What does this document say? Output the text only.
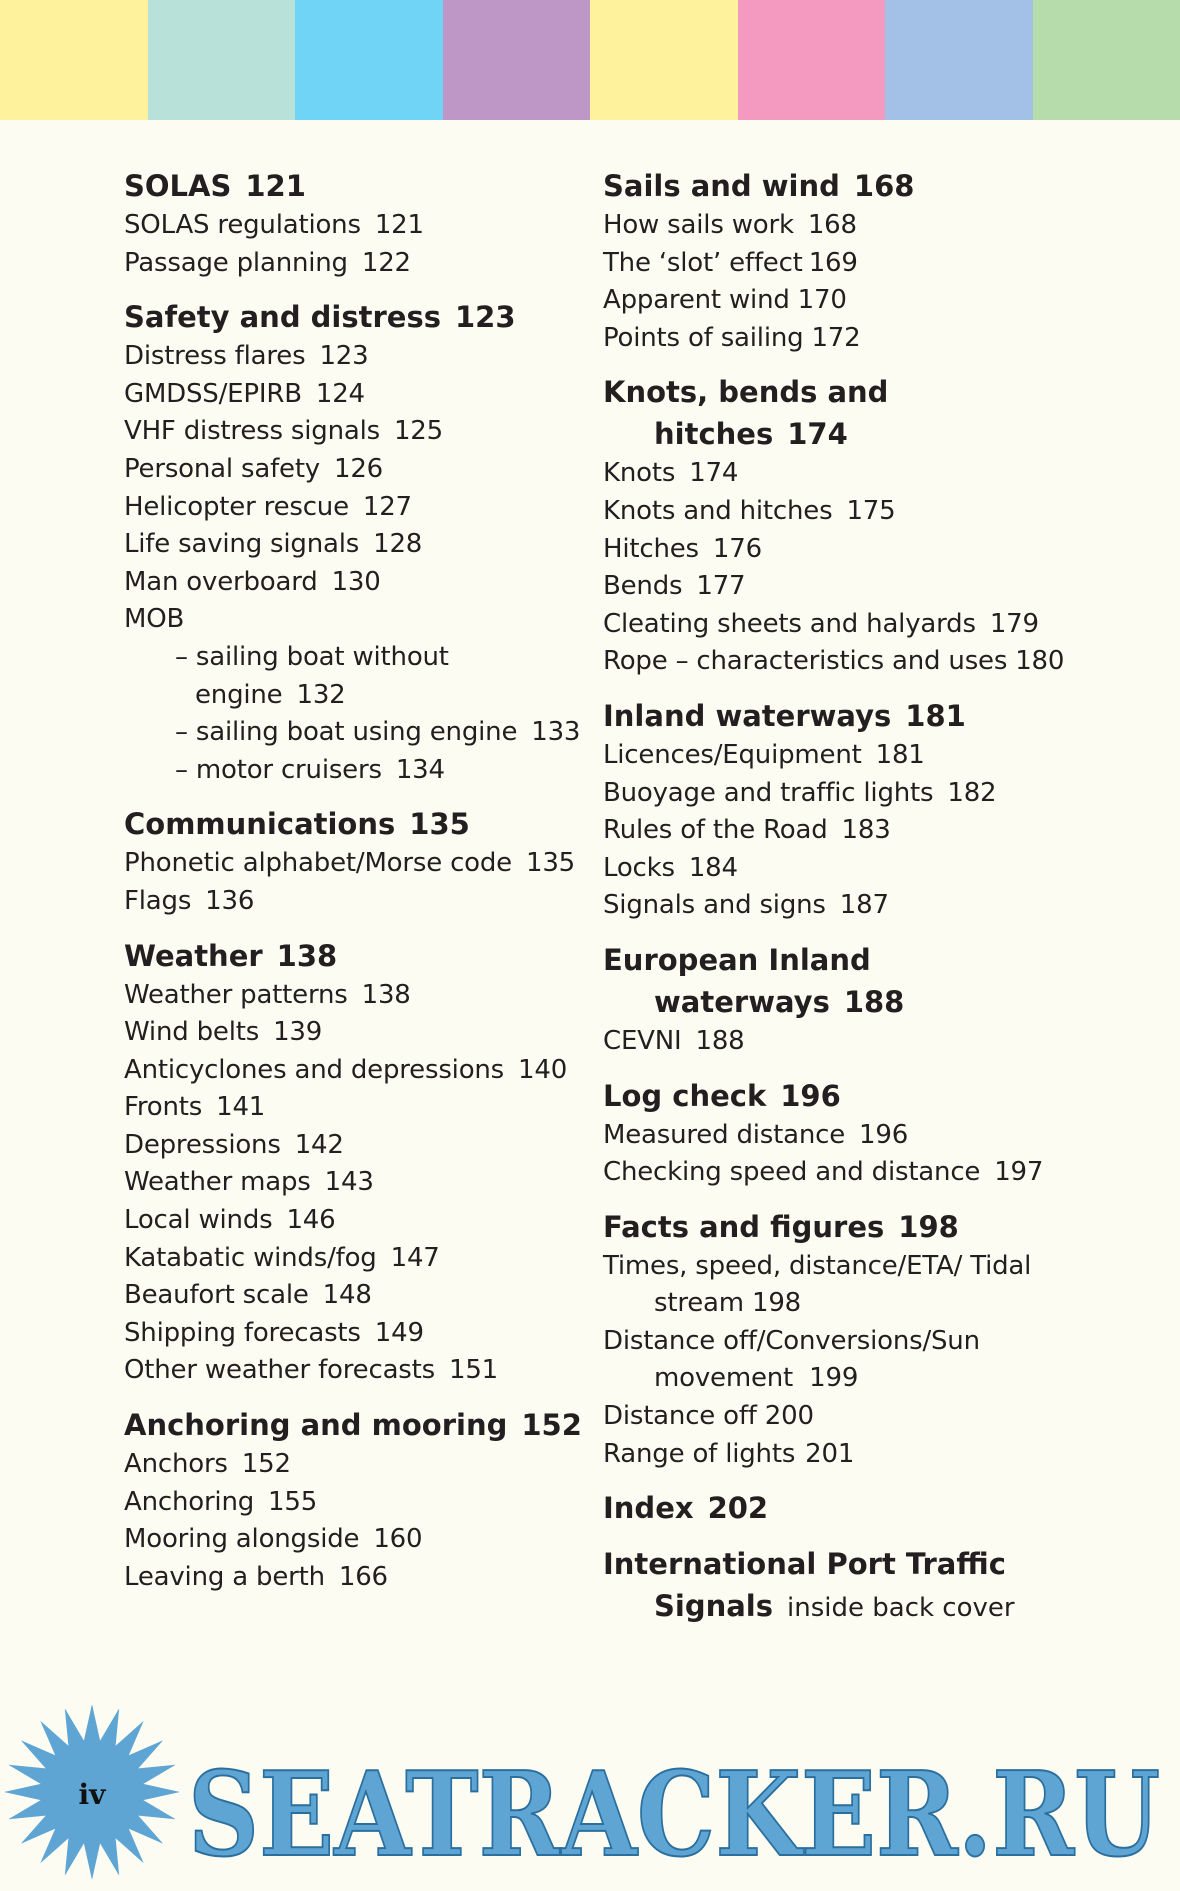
SOLAS 121
SOLAS regulations 121
Passage planning 122
Safety and distress 123
Distress flares 123
GMDSS/EPIRB 124
VHF distress signals 125
Personal safety 126
Helicopter rescue 127
Life saving signals 128
Man overboard 130
MOB
– sailing boat without
engine 132
– sailing boat using engine 133
– motor cruisers 134
Communications 135
Phonetic alphabet/Morse code 135
Flags 136
Weather 138
Weather patterns 138
Wind belts 139
Anticyclones and depressions 140
Fronts 141
Depressions 142
Weather maps 143
Local winds 146
Katabatic winds/fog 147
Beaufort scale 148
Shipping forecasts 149
Other weather forecasts 151
Anchoring and mooring 152
Anchors 152
Anchoring 155
Mooring alongside 160
Leaving a berth 166
Sails and wind 168
How sails work 168
The ‘slot’ effect 169
Apparent wind 170
Points of sailing 172
Knots, bends and
hitches 174
Knots 174
Knots and hitches 175
Hitches 176
Bends 177
Cleating sheets and halyards 179
Rope – characteristics and uses 180
Inland waterways 181
Licences/Equipment 181
Buoyage and traffic lights 182
Rules of the Road 183
Locks 184
Signals and signs 187
European Inland
waterways 188
CEVNI 188
Log check 196
Measured distance 196
Checking speed and distance 197
Facts and figures 198
Times, speed, distance/ETA/ Tidal
stream 198
Distance off/Conversions/Sun
movement  199
Distance off 200
Range of lights 201
Index 202
International Port Traffic
Signals inside back cover
iv SEATRACKER.RU
